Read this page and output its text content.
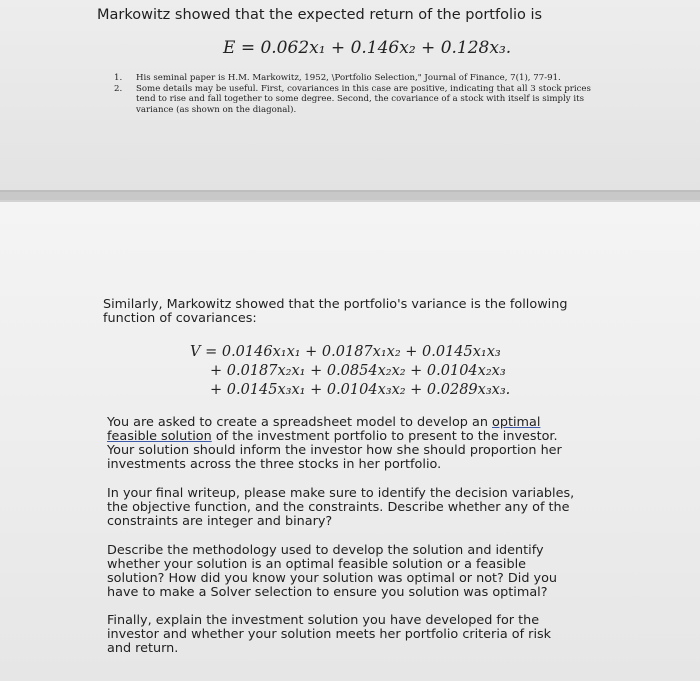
Markowitz showed that the expected return of the portfolio is
E = 0.062x₁ + 0.146x₂ + 0.128x₃.
1.	His seminal paper is H.M. Markowitz, 1952, \Portfolio Selection," Journal of Finance, 7(1), 77-91.
2.	Some details may be useful. First, covariances in this case are positive, indicating that all 3 stock prices tend to rise and fall together to some degree. Second, the covariance of a stock with itself is simply its variance (as shown on the diagonal).
Similarly, Markowitz showed that the portfolio's variance is the following function of covariances:
V = 0.0146x₁x₁ + 0.0187x₁x₂ + 0.0145x₁x₃
+ 0.0187x₂x₁ + 0.0854x₂x₂ + 0.0104x₂x₃
+ 0.0145x₃x₁ + 0.0104x₃x₂ + 0.0289x₃x₃.
You are asked to create a spreadsheet model to develop an optimal feasible solution of the investment portfolio to present to the investor. Your solution should inform the investor how she should proportion her investments across the three stocks in her portfolio.
In your final writeup, please make sure to identify the decision variables, the objective function, and the constraints. Describe whether any of the constraints are integer and binary?
Describe the methodology used to develop the solution and identify whether your solution is an optimal feasible solution or a feasible solution? How did you know your solution was optimal or not? Did you have to make a Solver selection to ensure you solution was optimal?
Finally, explain the investment solution you have developed for the investor and whether your solution meets her portfolio criteria of risk and return.
